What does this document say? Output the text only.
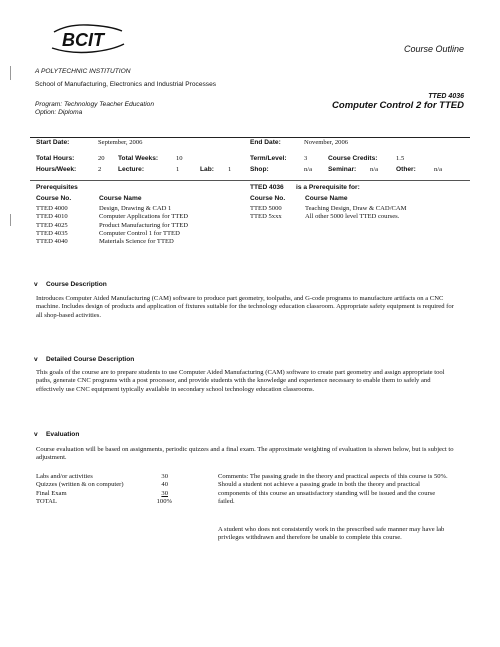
BCIT
A POLYTECHNIC INSTITUTION
School of Manufacturing, Electronics and Industrial Processes
Course Outline
Program: Technology Teacher Education
Option: Diploma
TTED 4036
Computer Control 2 for TTED
Start Date:	September, 2006	End Date:	November, 2006
Total Hours:	20 Total Weeks:	10	Term/Level:	3	Course Credits:	1.5
Hours/Week:	2	Lecture:	1	Lab: 1	Shop:	n/a Seminar: n/a	Other:	n/a
Prerequisites
Course No.	Course Name
TTED 4000	Design, Drawing & CAD 1
TTED 4010	Computer Applications for TTED
TTED 4025	Product Manufacturing for TTED
TTED 4035	Computer Control 1 for TTED
TTED 4040	Materials Science for TTED
TTED 4036 is a Prerequisite for:
Course No.	Course Name
TTED 5000	Teaching Design, Draw & CAD/CAM
TTED 5xxx	All other 5000 level TTED courses.
v Course Description
Introduces Computer Aided Manufacturing (CAM) software to produce part geometry, toolpaths, and G-code programs to manufacture artifacts on a CNC machine. Includes design of products and application of fixtures suitable for the technology education classroom. Appropriate safety equipment is required for all shop-based activities.
v Detailed Course Description
This goals of the course are to prepare students to use Computer Aided Manufacturing (CAM) software to create part geometry and assign appropriate tool paths, generate CNC programs with a post processor, and provide students with the knowledge and experience necessary to enable them to safely and effectively use CNC equipment typically available in secondary school technology education classrooms.
v Evaluation
Course evaluation will be based on assignments, periodic quizzes and a final exam. The approximate weighting of evaluation is shown below, but is subject to adjustment.
Labs and/or activities	30
Quizzes (written & on computer)	40
Final Exam	30
TOTAL	100%
Comments: The passing grade in the theory and practical aspects of this course is 50%. Should a student not achieve a passing grade in both the theory and practical components of this course an unsatisfactory standing will be issued and the course failed.
A student who does not consistently work in the prescribed safe manner may have lab privileges withdrawn and therefore be unable to complete this course.
